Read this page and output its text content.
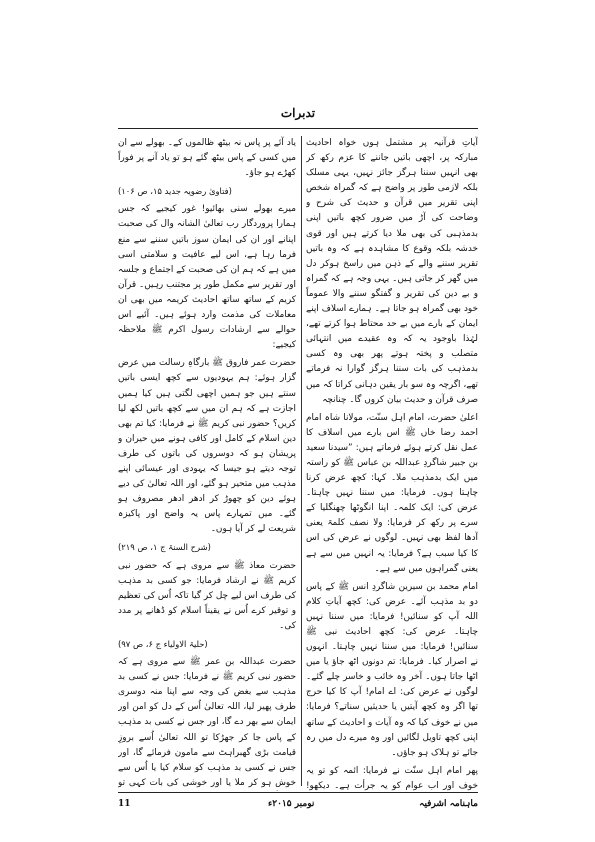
تدبرات

آیاتِ قرآنیہ پر مشتمل ہوں خواہ احادیث مبارکہ پر، اچھی باتیں جاننے کا عزم رکھ کر بھی انہیں سننا ہرگز جائز نہیں، یہی مسلک بلکہ لازمی طور پر واضح ہے کہ گمراہ شخص اپنی تقریر میں قرآن و حدیث کی شرح و وضاحت کی آڑ میں ضرور کچھ باتیں اپنی بدمذہبی کی بھی ملا دیا کرتے ہیں اور قوی خدشہ بلکہ وقوع کا مشاہدہ ہے کہ وہ باتیں تقریر سننے والے کے ذہن میں راسخ ہوکر دل میں گھر کر جاتی ہیں۔ یہی وجہ ہے کہ گمراہ و بے دین کی تقریر و گفتگو سننے والا عموماً خود بھی گمراہ ہو جاتا ہے۔ ہمارے اسلاف اپنے ایمان کے بارے میں بے حد محتاط ہوا کرتے تھے، لہٰذا باوجود یہ کہ وہ عقیدے میں انتہائی متصلب و پختہ ہوتے پھر بھی وہ کسی بدمذہب کی بات سننا ہرگز گوارا نہ فرماتے تھے، اگرچہ وہ سو بار یقین دہانی کراتا کہ میں صرف قرآن و حدیث بیان کروں گا۔ چنانچہ

اعلیٰ حضرت، امام اہل سنّت، مولانا شاہ امام احمد رضا خاں ﷺ اس بارے میں اسلاف کا عمل نقل کرتے ہوئے فرماتے ہیں: ”سیدنا سعید بن جبیر شاگردِ عبداللہ بن عباس ﷺ کو راستہ میں ایک بدمذہب ملا۔ کہا: کچھ عرض کرنا چاہتا ہوں۔ فرمایا: میں سننا نہیں چاہتا۔ عرض کی: ایک کلمہ۔ اپنا انگوٹھا چھنگلیا کے سرے پر رکھ کر فرمایا: ولا نصف کلمۃ یعنی آدھا لفظ بھی نہیں۔ لوگوں نے عرض کی اس کا کیا سبب ہے؟ فرمایا: یہ انہیں میں سے ہے یعنی گمراہوں میں سے ہے۔

امام محمد بن سیرین شاگردِ انس ﷺ کے پاس دو بد مذہب آئے۔ عرض کی: کچھ آیاتِ کلام اللہ آپ کو سنائیں! فرمایا: میں سننا نہیں چاہتا۔ عرض کی: کچھ احادیث نبی ﷺ سنائیں! فرمایا: میں سننا نہیں چاہتا۔ انہوں نے اصرار کیا۔ فرمایا: تم دونوں اٹھ جاؤ یا میں اٹھا جاتا ہوں۔ آخر وہ خائب و خاسر چلے گئے۔ لوگوں نے عرض کی: اے امام! آپ کا کیا حرج تھا اگر وہ کچھ آیتیں یا حدیثیں سناتے؟ فرمایا: میں نے خوف کیا کہ وہ آیات و احادیث کے ساتھ اپنی کچھ تاویل لگائیں اور وہ میرے دل میں رہ جائے تو ہلاک ہو جاؤں۔

پھر امام اہل سنّت نے فرمایا: ائمہ کو تو یہ خوف اور اب عوام کو یہ جرأت ہے۔ دیکھو!

یاد آئے پر پاس نہ بیٹھ ظالموں کے۔ بھولے سے ان میں کسی کے پاس بیٹھ گئے ہو تو یاد آنے پر فوراً کھڑے ہو جاؤ۔

(فتاویٰ رضویہ جدید ۱۵، ص ۱۰۶)

میرے بھولے سنی بھائیو! غور کیجیے کہ جس ہمارا پروردگار رب تعالیٰ الشانہ وال کی صحبت اپنانے اور ان کی ایمان سوز باتیں سننے سے منع فرما رہا ہے، اس لیے عافیت و سلامتی اسی میں ہے کہ ہم ان کی صحبت کے اجتماع و جلسہ اور تقریر سے مکمل طور پر مجتنب رہیں۔ قرآن کریم کے ساتھ ساتھ احادیث کریمہ میں بھی ان معاملات کی مذمت وارد ہوئے ہیں۔ آئیے اس حوالے سے ارشادات رسول اکرم ﷺ ملاحظہ کیجیے:

حضرت عمر فاروق ﷺ بارگاہِ رسالت میں عرض گزار ہوئے: ہم یہودیوں سے کچھ ایسی باتیں سنتے ہیں جو ہمیں اچھی لگتی ہیں کیا ہمیں اجازت ہے کہ ہم ان میں سے کچھ باتیں لکھ لیا کریں؟ حضور نبی کریم ﷺ نے فرمایا: کیا تم بھی دین اسلام کے کامل اور کافی ہونے میں حیران و پریشان ہو کہ دوسروں کی باتوں کی طرف توجہ دیتے ہو جیسا کہ یہودی اور عیسائی اپنے مذہب میں متحیر ہو گئے، اور اللہ تعالیٰ کی دیے ہوئے دین کو چھوڑ کر ادھر ادھر مصروف ہو گئے۔ میں تمہارے پاس یہ واضح اور پاکیزہ شریعت لے کر آیا ہوں۔

(شرح السنۃ ج ۱، ص ۲۱۹)

حضرت معاذ ﷺ سے مروی ہے کہ حضور نبی کریم ﷺ نے ارشاد فرمایا: جو کسی بد مذہب کی طرف اس لیے چل کر گیا تاکہ اُس کی تعظیم و توقیر کرے اُس نے یقیناً اسلام کو ڈھانے پر مدد کی۔

(حلیۃ الاولیاء ج ۶، ص ۹۷)

حضرت عبداللہ بن عمر ﷺ سے مروی ہے کہ حضور نبی کریم ﷺ نے فرمایا: جس نے کسی بد مذہب سے بغض کی وجہ سے اپنا منہ دوسری طرف پھیر لیا، اللہ تعالیٰ اُس کے دل کو امن اور ایمان سے بھر دے گا، اور جس نے کسی بد مذہب کے پاس جا کر جھڑکا تو اللہ تعالیٰ اُسے بروزِ قیامت بڑی گھبراہٹ سے مامون فرمائے گا، اور جس نے کسی بد مذہب کو سلام کیا یا اُس سے خوش ہو کر ملا یا اور خوشی کی بات کہی تو

ماہنامہ اشرفیہ
نومبر ۲۰۱۵ء
11
